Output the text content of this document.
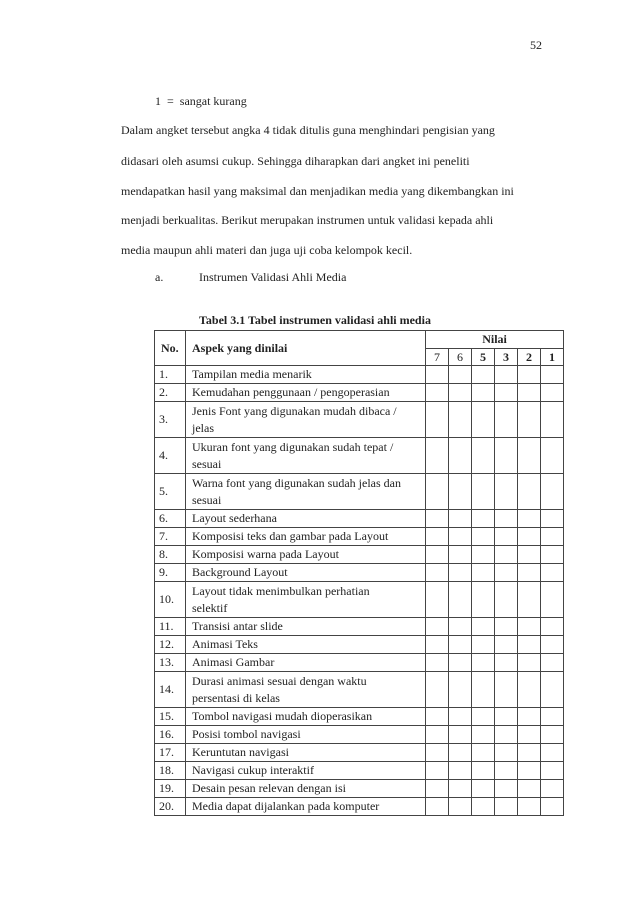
52
1  =  sangat kurang
Dalam angket tersebut angka 4 tidak ditulis guna menghindari pengisian yang
didasari oleh asumsi cukup. Sehingga diharapkan dari angket ini peneliti
mendapatkan hasil yang maksimal dan menjadikan media yang dikembangkan ini
menjadi berkualitas. Berikut merupakan instrumen untuk validasi kepada ahli
media maupun ahli materi dan juga uji coba kelompok kecil.
a.	Instrumen Validasi Ahli Media
Tabel 3.1 Tabel instrumen validasi ahli media
No.	Aspek yang dinilai	Nilai					
		7	6	5	3	2	1
1.	Tampilan media menarik						

2.	Kemudahan penggunaan / pengoperasian						

3.	Jenis Font yang digunakan mudah dibaca /
jelas						

4.	Ukuran font yang digunakan sudah tepat /
sesuai						

5.	Warna font yang digunakan sudah jelas dan
sesuai						

6.	Layout sederhana						

7.	Komposisi teks dan gambar pada Layout						

8.	Komposisi warna pada Layout						

9.	Background Layout						

10.	Layout tidak menimbulkan perhatian
selektif						

11.	Transisi antar slide						

12.	Animasi Teks						

13.	Animasi Gambar						

14.	Durasi animasi sesuai dengan waktu
persentasi di kelas						

15.	Tombol navigasi mudah dioperasikan						

16.	Posisi tombol navigasi						

17.	Keruntutan navigasi						

18.	Navigasi cukup interaktif						

19.	Desain pesan relevan dengan isi						

20.	Media dapat dijalankan pada komputer						
